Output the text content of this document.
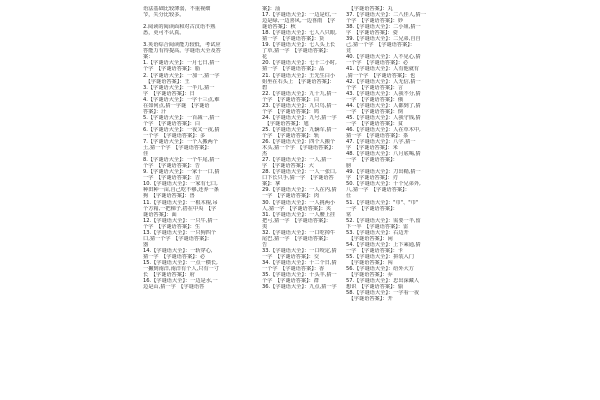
语法基础比较薄弱，不重视细
节，失分比较多。
2.阅读的阅读面和对古汉语不熟
悉，更可不认真。
3.英语综合阅读能力较低，考试应
答能力有待提高。字谜语大全及答
案：
1.【字谜语大全】：一月七日,猜一
个字　【字谜语答案】：脂
2.【字谜语大全】：一加一,猜一字
　【字谜语答案】：王
3.【字谜语大全】：一半儿,猜一
字　【字谜语答案】：日
4.【字谜语大全】：一字十三点,难
在如何点,猜一字谜　【字谜语
答案】：汁
5.【字谜语大全】：一百减一,猜一
个字　【字谜语答案】：白
6.【字谜语大全】：一夜又一夜,猜
一个字　【字谜语答案】：多
7.【字谜语大全】：一个人搬两个
土,猜一个字　【字谜语答案】：
佳
8.【字谜语大全】：一个牛尾,猜一
个字　【字谜语答案】：告
9.【字谜语大全】：一家十一口,猜
一字　【字谜语答案】：吉
10.【字谜语大全】：一家有七口,
种田种一亩,自己吃不够,还养一条
狗　【字谜语答案】：兽
11.【字谜语大全】：一根木棍,吊
个方箱,一把梯子,搭在中央　【字
谜语答案】：面
12.【字谜语大全】：一只牛,猜一
个字　【字谜语答案】：生
13.【字谜语大全】：一只狗四个
口,猜一个字　【字谜语答案】：
器
14.【字谜语大全】：一斩穿心,
猜一字　【字谜语答案】：必
15.【字谜语大全】：一点一横长,
一撇到南洋,南洋有个人,只有一寸
长　【字谜语答案】：府
16.【字谜语大全】：一边是水,一
边是山,猜一字　【字谜语答
案】：汕
17.【字谜语大全】：一边是红,一
边是绿,一边喜风,一边喜雨　【字
谜语答案】：秋
18.【字谜语大全】：七人八只眼,
猜一字　【字谜语答案】：货
19.【字谜语大全】：七人头上长
了草,猜一字　【字谜语答案】：
花
20.【字谜语大全】：七十二小时,
猜一字　【字谜语答案】：晶
21.【字谜语大全】：王先生白小
姐坐在石头上　【字谜语答案】：
碧
22.【字谜语大全】：九十九,猜一
个字　【字谜语答案】：白
23.【字谜语大全】：九只鸟,猜一
个字　【字谜语答案】：鸠
24.【字谜语大全】：九号,猜一字
　【字谜语答案】：旭
25.【字谜语大全】：九辆车,猜一
个字　【字谜语答案】：轨
26.【字谜语大全】：四个人搬个
木头,猜一个字　【字谜语答案】：
杰
27.【字谜语大全】：一人,猜一
字　【字谜语答案】：大
28.【字谜语大全】：一人一张口,
口下长只手,猜一字　【字谜语答
案】：拿
29.【字谜语大全】：一人在内,猜
一字　【字谜语答案】：肉
30.【字谜语大全】：一人挑两小
人,猜一字　【字谜语答案】：夹
31.【字谜语大全】：一人腰上挂
把弓,猜一字　【字谜语答案】：
夷
32.【字谜语大全】：一口吃掉牛
尾巴,猜一字　【字谜语答案】：
告
33.【字谜语大全】：一口咬定,猜
一字　【字谜语答案】：交
34.【字谜语大全】：十二个日,猜
一个字　【字谜语答案】：香
35.【字谜语大全】：十头羊,猜一
个字　【字谜语答案】：群
36.【字谜语大全】：九点,猜一字
　【字谜语答案】：丸
37.【字谜语大全】：二八佳人,猜一
个字　【字谜语答案】：妙
38.【字谜语大全】：二小姐,猜一
字　【字谜语答案】：姿
39.【字谜语大全】：二兄弟,自自
己,猜一个字　【字谜语答案】：
竞
40.【字谜语大全】：人不见心,猜
一个字　【字谜语答案】：必
41.【字谜语大全】：人有他就有
,猜一个字　【字谜语答案】：也
42.【字谜语大全】：人无信,猜一
个字　【字谜语答案】：言
43.【字谜语大全】：人我不分,猜
一字　【字谜语答案】：俄
44.【字谜语大全】：人都到了,猜
一字　【字谜语答案】：倒
45.【字谜语大全】：人我守钱,猜
一字　【字谜语答案】：贫
46.【字谜语大全】：人在草木中,
猜一字　【字谜语答案】：茶
47.【字谜语大全】：八字,猜一
字　【字谜语答案】：米
48.【字谜语大全】：八月底喝,猜
一字　【字谜语答案】：
膀
49.【字谜语大全】：刀出鞘,猜一
字　【字谜语答案】：刃
50.【字谜语大全】：十个兄弟外,
八,猜一字　【字谜语答案】：
仕
51.【字谜语大全】："巾"、"巾"
一字　【字谜语答案】：
常
52.【字谜语大全】：需要一半,留
下一半　【字谜语答案】：雷
53.【字谜语大全】：右边开
　【字谜语答案】：闲
54.【字谜语大全】：上下乘通,猜
一字　【字谜语答案】：卡
55.【字谜语大全】：拼装入门
　【字谜语答案】：闯
56.【字谜语大全】：给外大方
　【字谜语答案】：乔
57.【字谜语大全】：忠出深藏人
想识　【字谜语答案】：愉
58.【字谜语大全】：一字看一夜
　【字谜语答案】：开
